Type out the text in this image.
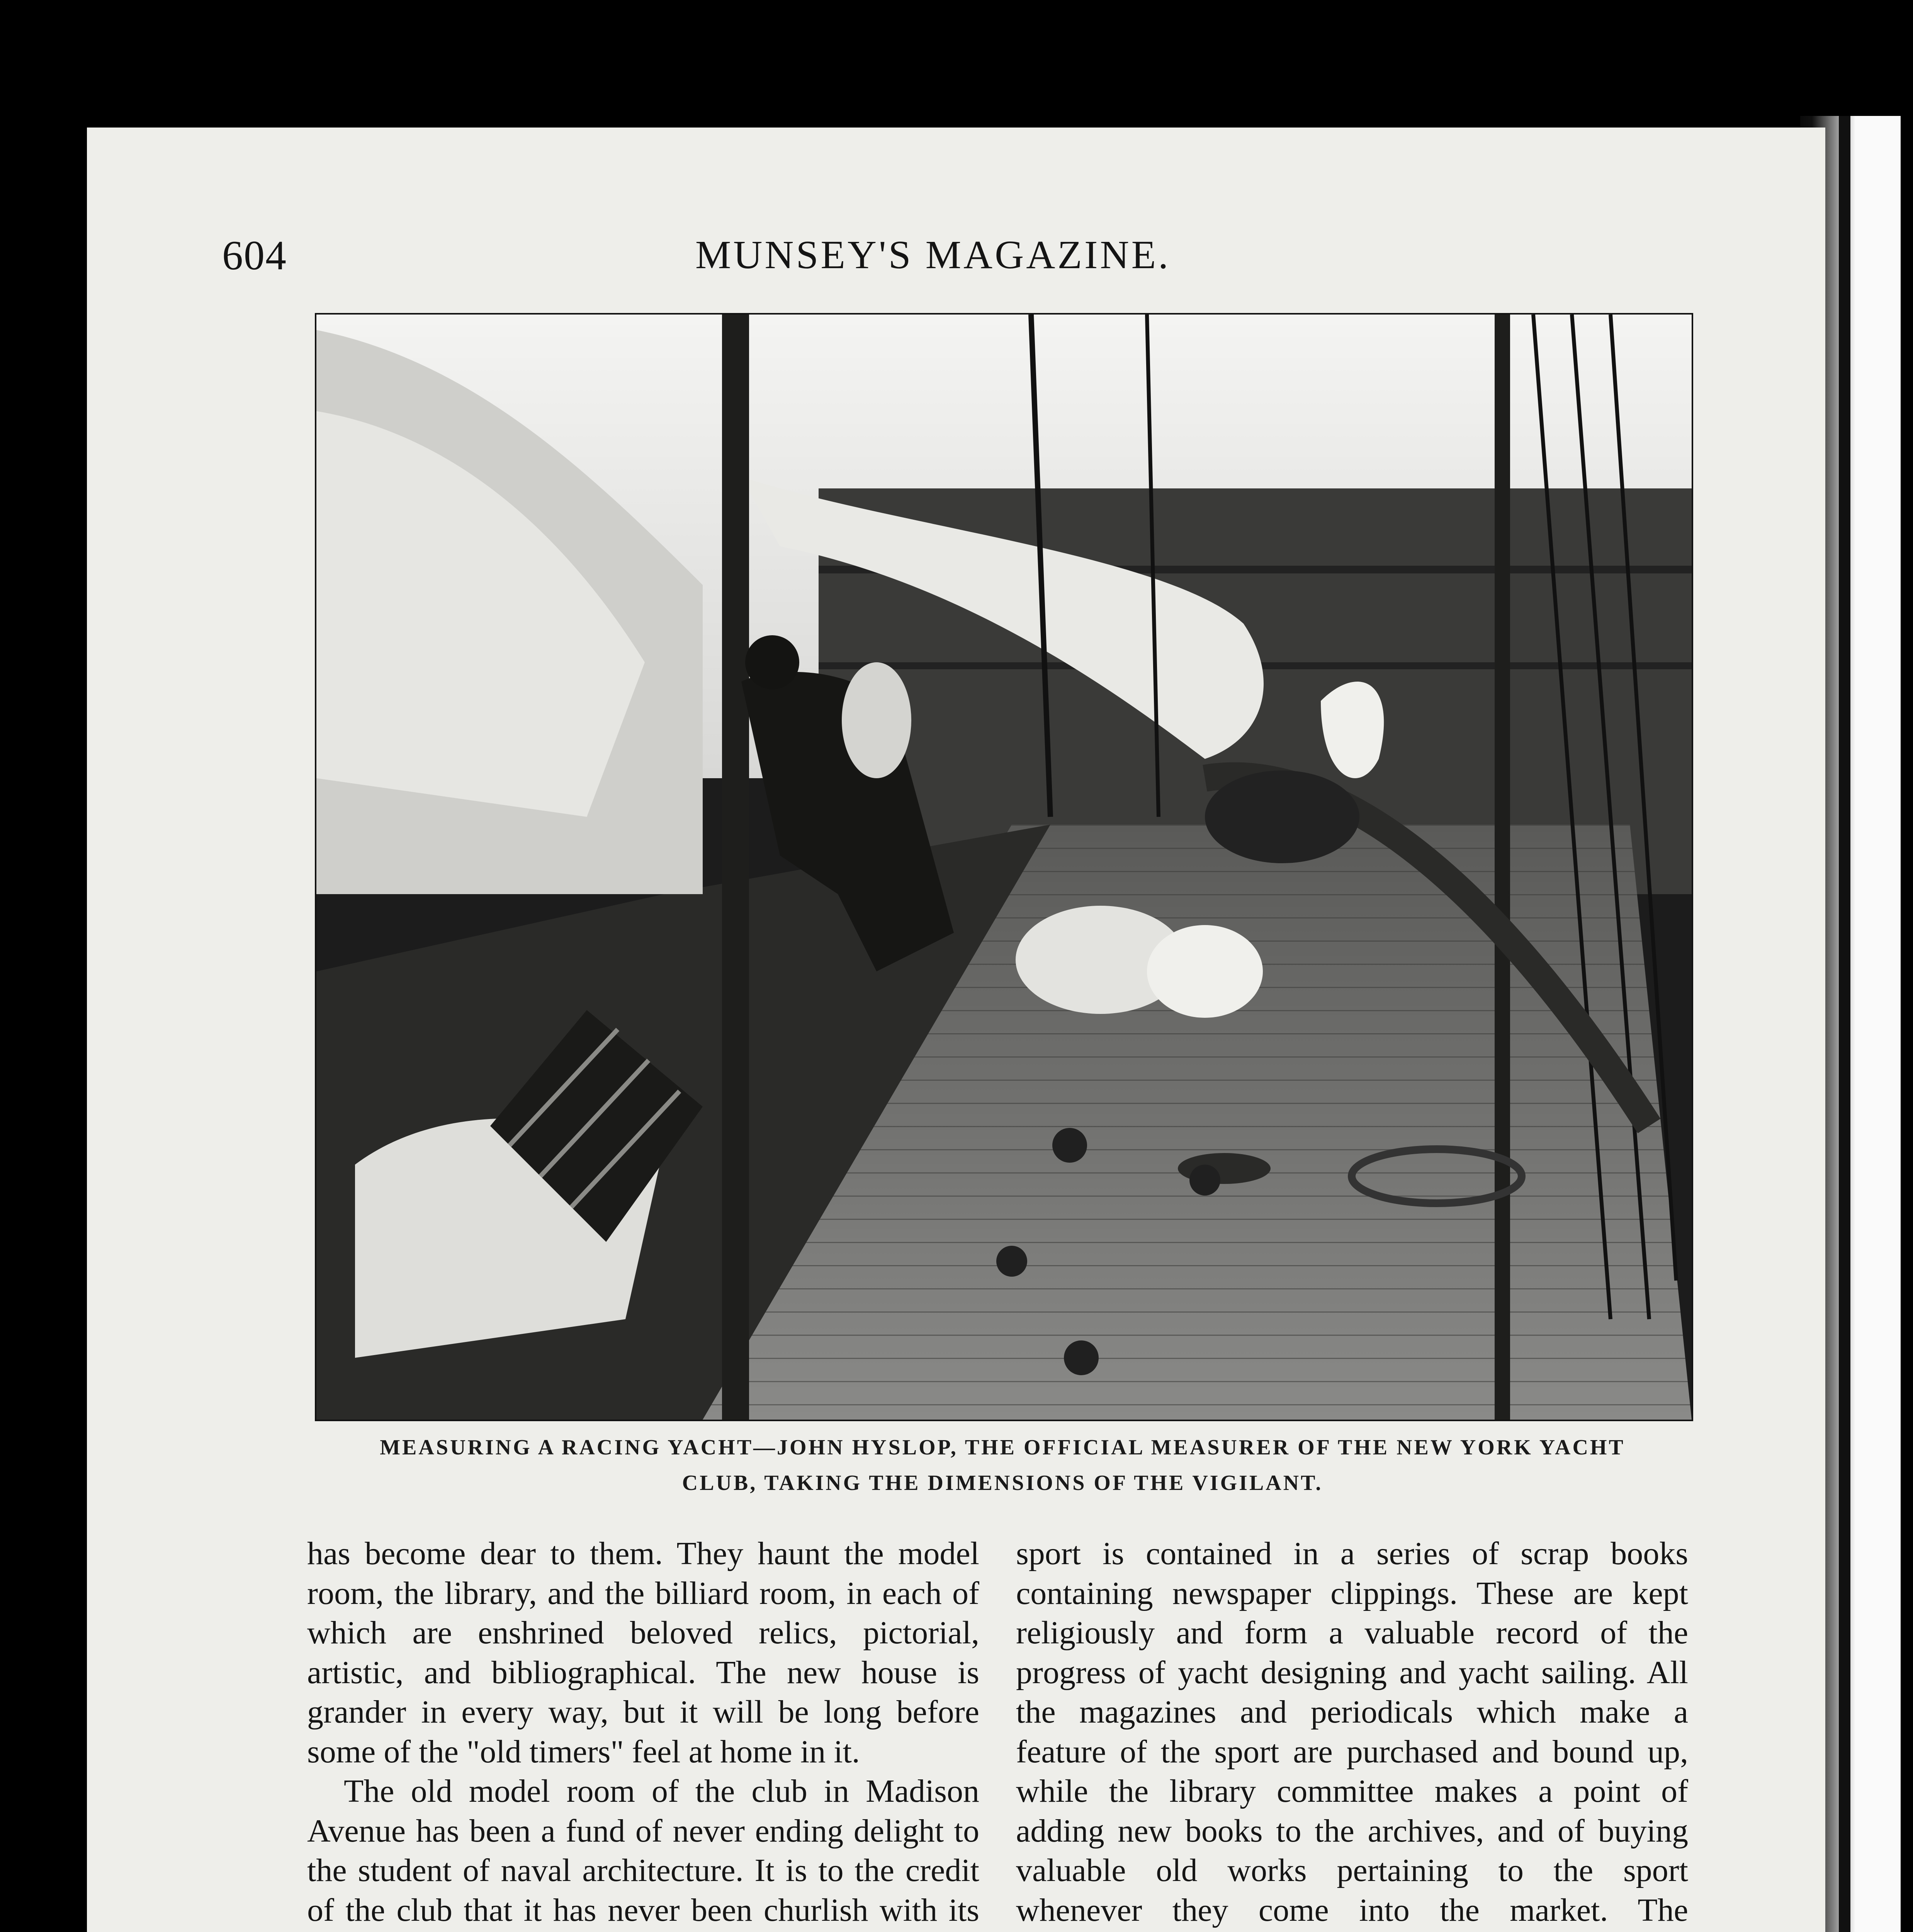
604	MUNSEY'S MAGAZINE.
MEASURING A RACING YACHT—JOHN HYSLOP, THE OFFICIAL MEASURER OF THE NEW YORK YACHT
CLUB, TAKING THE DIMENSIONS OF THE VIGILANT.

has become dear to them. They haunt the model room, the library, and the billiard room, in each of which are enshrined beloved relics, pictorial, artistic, and bibliographical. The new house is grander in every way, but it will be long before some of the "old timers" feel at home in it.

The old model room of the club in Madison Avenue has been a fund of never ending delight to the student of naval architecture. It is to the credit of the club that it has never been churlish with its

sport is contained in a series of scrap books containing newspaper clippings. These are kept religiously and form a valuable record of the progress of yacht designing and yacht sailing. All the magazines and periodicals which make a feature of the sport are purchased and bound up, while the library committee makes a point of adding new books to the archives, and of buying valuable old works pertaining to the sport whenever they come into the market. The
